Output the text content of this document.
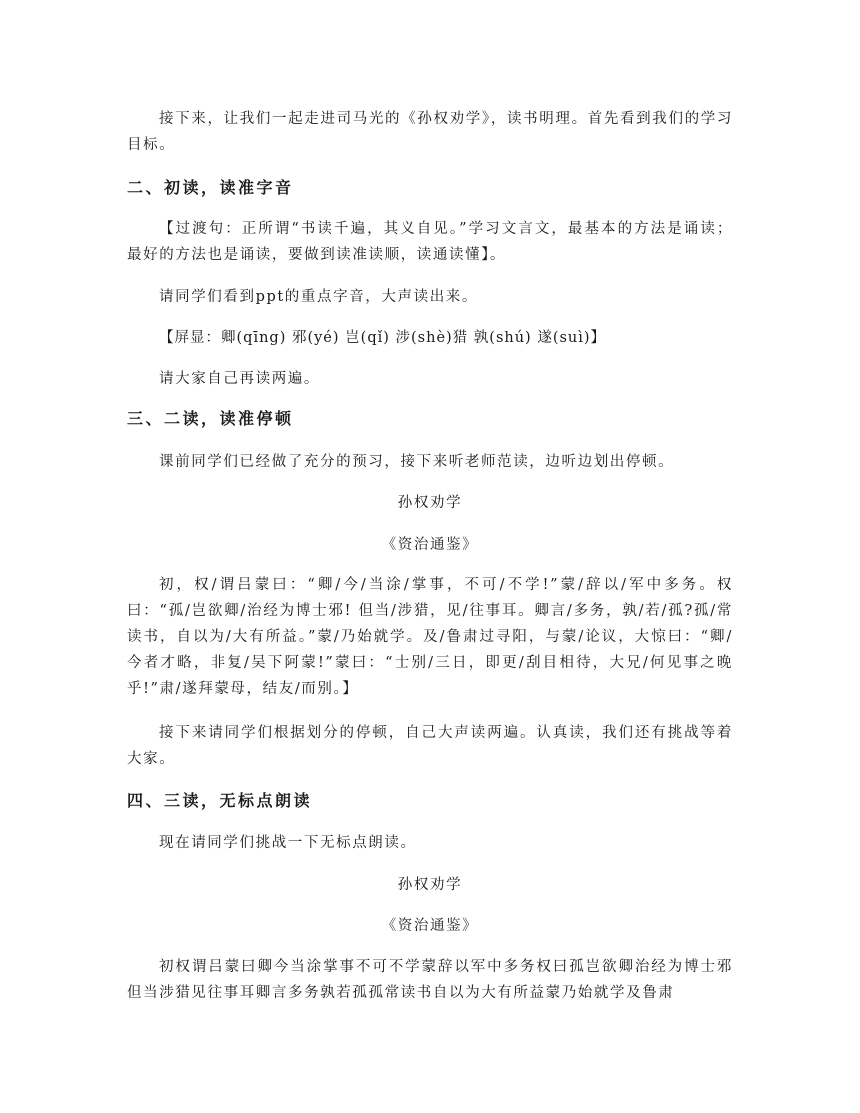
接下来，让我们一起走进司马光的《孙权劝学》，读书明理。首先看到我们的学习目标。

二、初读，读准字音

【过渡句：正所谓“书读千遍，其义自见。”学习文言文，最基本的方法是诵读；最好的方法也是诵读，要做到读准读顺，读通读懂】。

请同学们看到ppt的重点字音，大声读出来。

【屏显：卿(qīng) 邪(yé) 岂(qǐ) 涉(shè)猎 孰(shú) 遂(suì)】

请大家自己再读两遍。

三、二读，读准停顿

课前同学们已经做了充分的预习，接下来听老师范读，边听边划出停顿。

孙权劝学

《资治通鉴》

初，权/谓吕蒙曰：“卿/今/当涂/掌事，不可/不学!”蒙/辞以/军中多务。权曰：“孤/岂欲卿/治经为博士邪! 但当/涉猎，见/往事耳。卿言/多务，孰/若/孤?孤/常读书，自以为/大有所益。”蒙/乃始就学。及/鲁肃过寻阳，与蒙/论议，大惊曰：“卿/今者才略，非复/吴下阿蒙!”蒙曰：“士别/三日，即更/刮目相待，大兄/何见事之晚乎!”肃/遂拜蒙母，结友/而别。】

接下来请同学们根据划分的停顿，自己大声读两遍。认真读，我们还有挑战等着大家。

四、三读，无标点朗读

现在请同学们挑战一下无标点朗读。

孙权劝学

《资治通鉴》

初权谓吕蒙曰卿今当涂掌事不可不学蒙辞以军中多务权曰孤岂欲卿治经为博士邪但当涉猎见往事耳卿言多务孰若孤孤常读书自以为大有所益蒙乃始就学及鲁肃
